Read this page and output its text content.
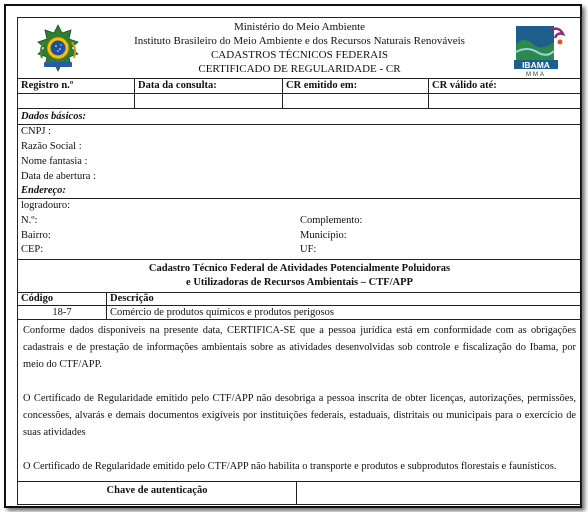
IBAMA
MMA
Ministério do Meio Ambiente
Instituto Brasileiro do Meio Ambiente e dos Recursos Naturais Renováveis
CADASTROS TÉCNICOS FEDERAIS
CERTIFICADO DE REGULARIDADE - CR
Registro n.º	Data da consulta:	CR emitido em:	CR válido até:
Dados básicos:
CNPJ :
Razão Social :
Nome fantasia :
Data de abertura :
Endereço:
logradouro:
N.º:	Complemento:
Bairro:	Município:
CEP:	UF:
Cadastro Técnico Federal de Atividades Potencialmente Poluidoras
e Utilizadoras de Recursos Ambientais – CTF/APP
Código	Descrição
18-7	Comércio de produtos químicos e produtos perigosos
Conforme dados disponíveis na presente data, CERTIFICA-SE que a pessoa jurídica está em conformidade com as obrigações cadastrais e de prestação de informações ambientais sobre as atividades desenvolvidas sob controle e fiscalização do Ibama, por meio do CTF/APP.
O Certificado de Regularidade emitido pelo CTF/APP não desobriga a pessoa inscrita de obter licenças, autorizações, permissões, concessões, alvarás e demais documentos exigíveis por instituições federais, estaduais, distritais ou municipais para o exercício de suas atividades
O Certificado de Regularidade emitido pelo CTF/APP não habilita o transporte e produtos e subprodutos florestais e faunísticos.
Chave de autenticação
